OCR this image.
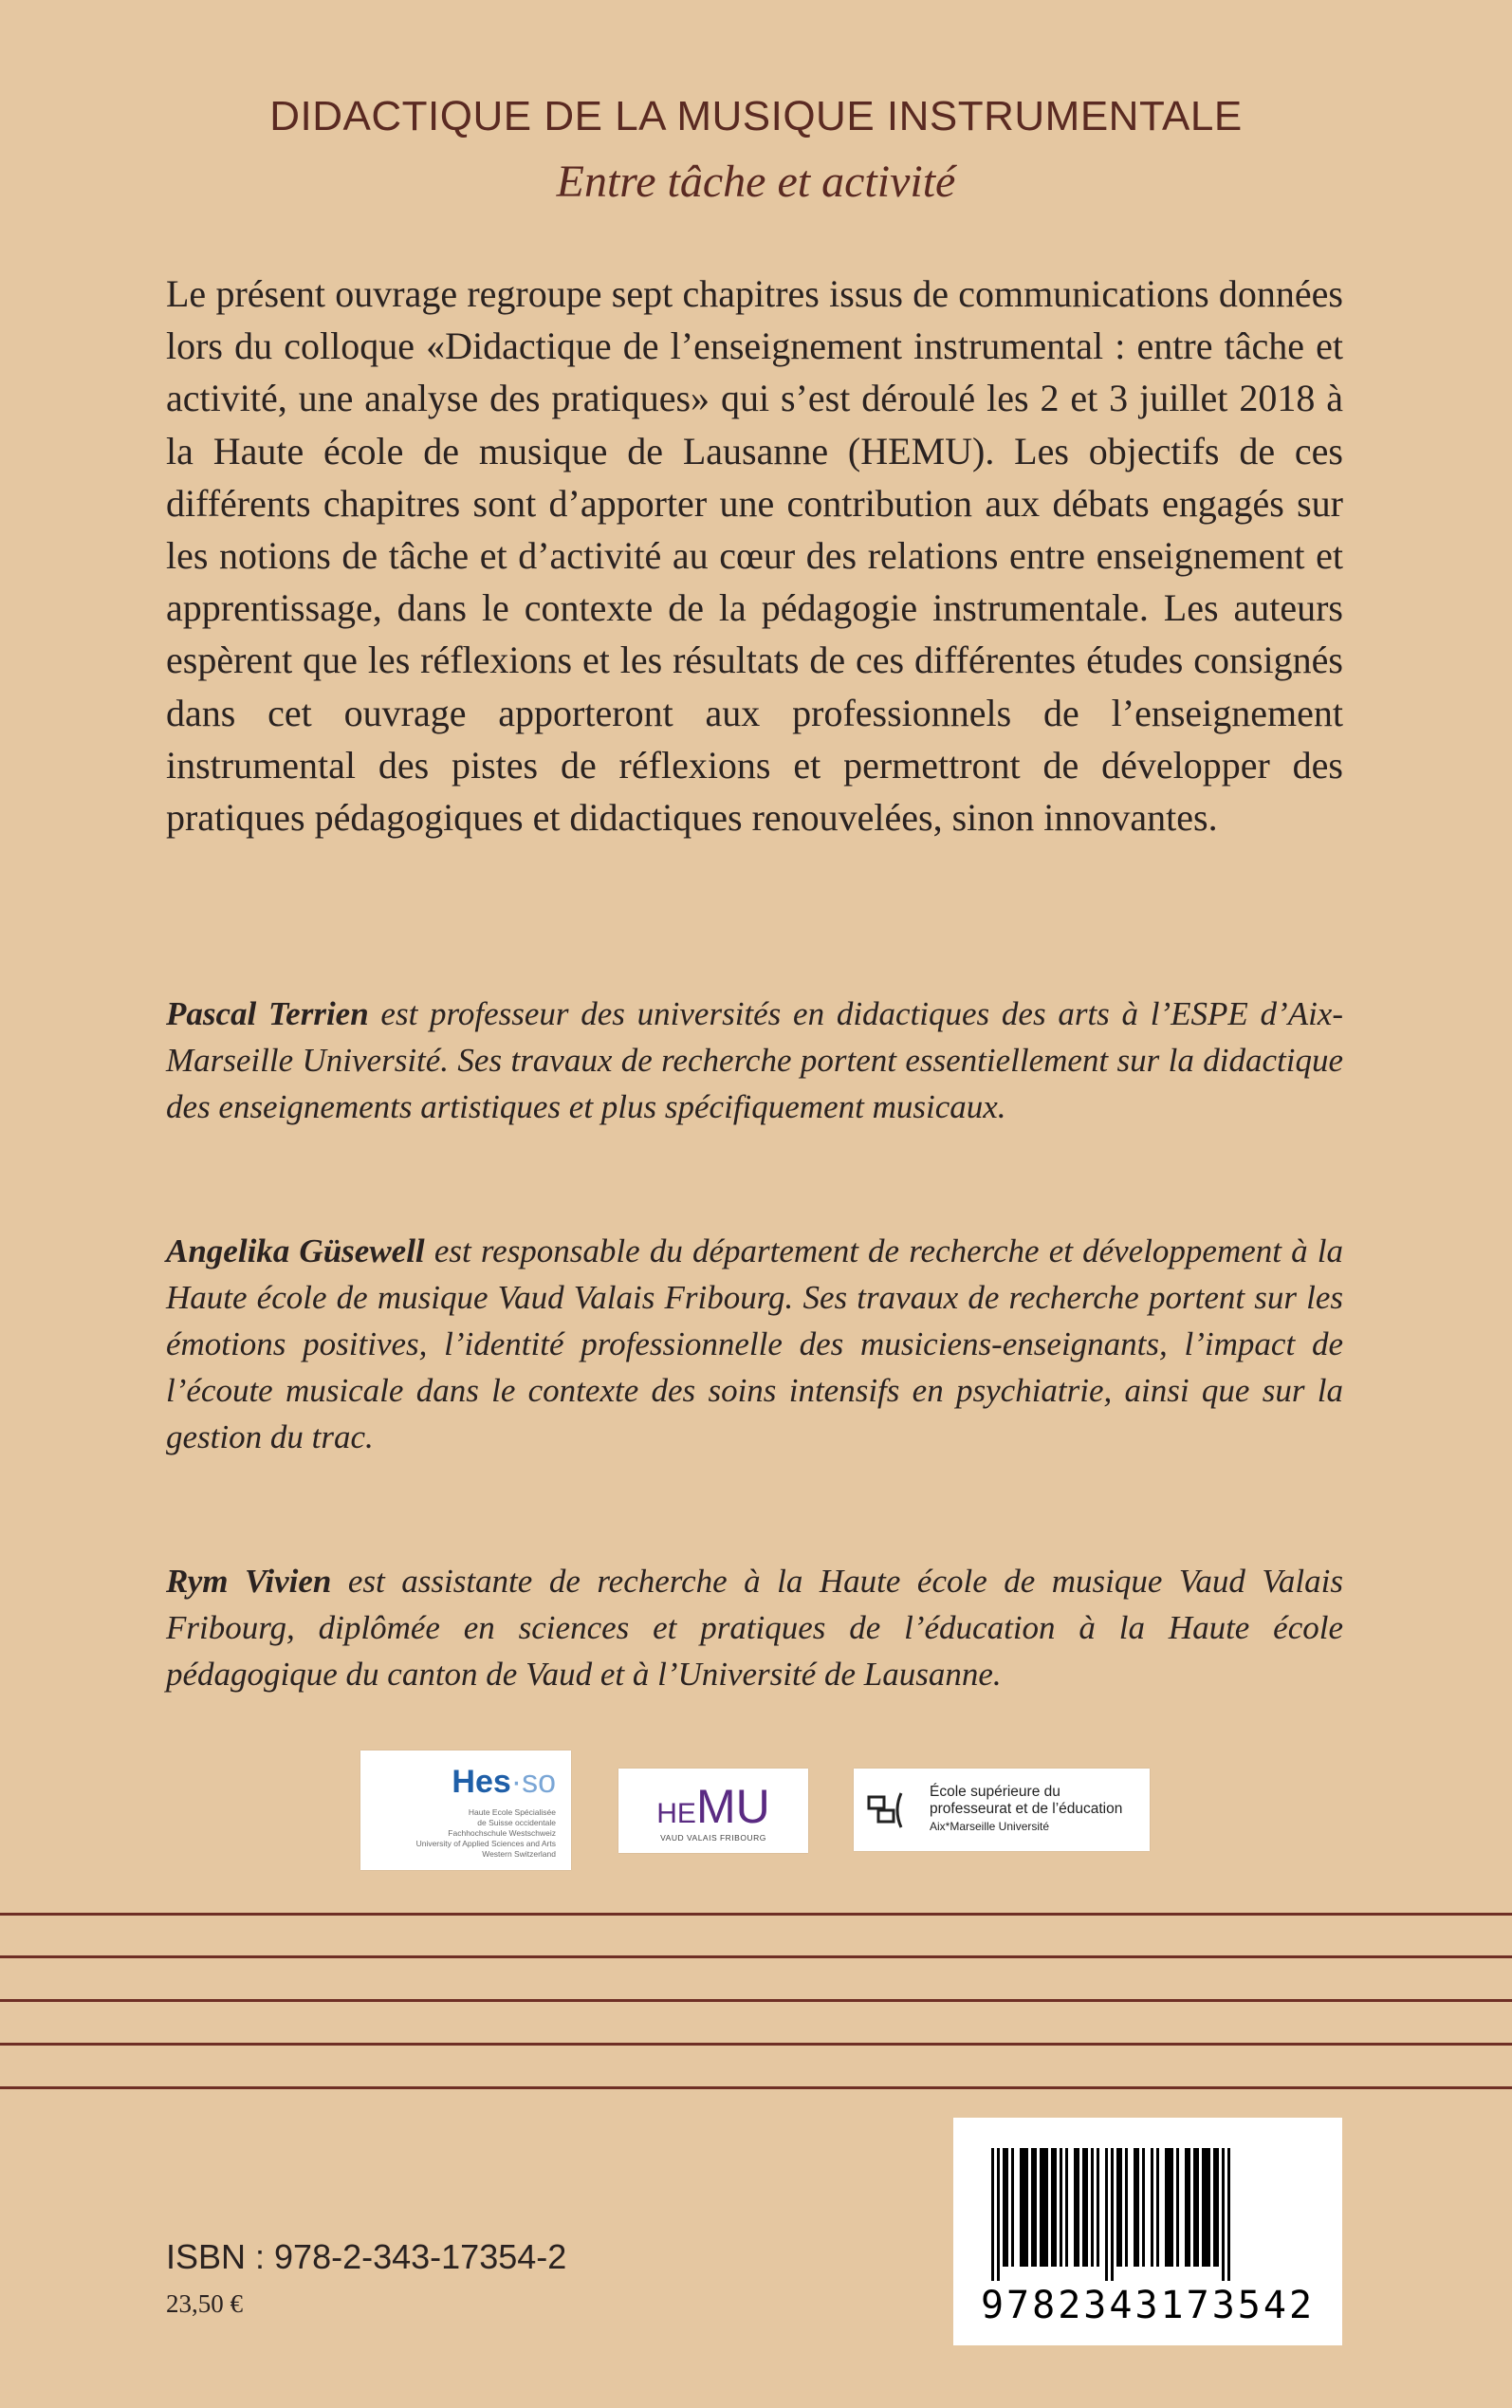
DIDACTIQUE DE LA MUSIQUE INSTRUMENTALE
Entre tâche et activité

Le présent ouvrage regroupe sept chapitres issus de communications données lors du colloque «Didactique de l’enseignement instrumental : entre tâche et activité, une analyse des pratiques» qui s’est déroulé les 2 et 3 juillet 2018 à la Haute école de musique de Lausanne (HEMU). Les objectifs de ces différents chapitres sont d’apporter une contribution aux débats engagés sur les notions de tâche et d’activité au cœur des relations entre enseignement et apprentissage, dans le contexte de la pédagogie instrumentale. Les auteurs espèrent que les réflexions et les résultats de ces différentes études consignés dans cet ouvrage apporteront aux professionnels de l’enseignement instrumental des pistes de réflexions et permettront de développer des pratiques pédagogiques et didactiques renouvelées, sinon innovantes.

Pascal Terrien est professeur des universités en didactiques des arts à l’ESPE d’Aix-Marseille Université. Ses travaux de recherche portent essentiellement sur la didactique des enseignements artistiques et plus spécifiquement musicaux.

Angelika Güsewell est responsable du département de recherche et développement à la Haute école de musique Vaud Valais Fribourg. Ses travaux de recherche portent sur les émotions positives, l’identité professionnelle des musiciens-enseignants, l’impact de l’écoute musicale dans le contexte des soins intensifs en psychiatrie, ainsi que sur la gestion du trac.

Rym Vivien est assistante de recherche à la Haute école de musique Vaud Valais Fribourg, diplômée en sciences et pratiques de l’éducation à la Haute école pédagogique du canton de Vaud et à l’Université de Lausanne.

Hes·so
Haute Ecole Spécialisée
de Suisse occidentale
Fachhochschule Westschweiz
University of Applied Sciences and Arts
Western Switzerland
HEMU
VAUD VALAIS FRIBOURG
École supérieure du
professeurat et de l’éducation
Aix*Marseille Université
9782343173542
ISBN : 978-2-343-17354-2
23,50 €
